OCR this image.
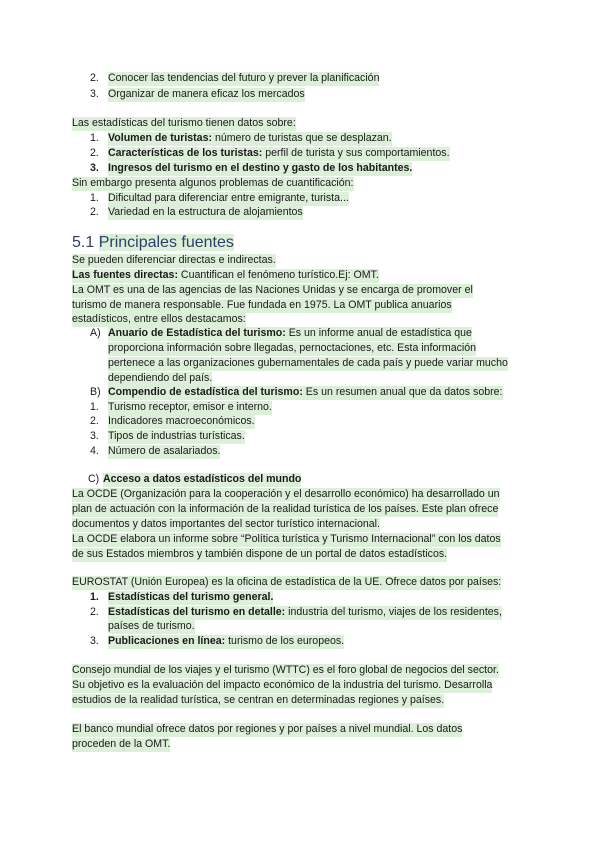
2. Conocer las tendencias del futuro y prever la planificación
3. Organizar de manera eficaz los mercados
Las estadísticas del turismo tienen datos sobre:
1. Volumen de turistas: número de turistas que se desplazan.
2. Características de los turistas: perfil de turista y sus comportamientos.
3. Ingresos del turismo en el destino y gasto de los habitantes.
Sin embargo presenta algunos problemas de cuantificación:
1. Dificultad para diferenciar entre emigrante, turista...
2. Variedad en la estructura de alojamientos
5.1 Principales fuentes
Se pueden diferenciar directas e indirectas.
Las fuentes directas: Cuantifican el fenómeno turístico.Ej: OMT.
La OMT es una de las agencias de las Naciones Unidas y se encarga de promover el
turismo de manera responsable. Fue fundada en 1975. La OMT publica anuarios
estadísticos, entre ellos destacamos:
A) Anuario de Estadística del turismo: Es un informe anual de estadística que
proporciona información sobre llegadas, pernoctaciones, etc. Esta información
pertenece a las organizaciones gubernamentales de cada país y puede variar mucho
dependiendo del país.
B) Compendio de estadística del turismo: Es un resumen anual que da datos sobre:
1. Turismo receptor, emisor e interno.
2. Indicadores macroeconómicos.
3. Tipos de industrias turísticas.
4. Número de asalariados.
C) Acceso a datos estadísticos del mundo
La OCDE (Organización para la cooperación y el desarrollo económico) ha desarrollado un
plan de actuación con la información de la realidad turística de los países. Este plan ofrece
documentos y datos importantes del sector turístico internacional.
La OCDE elabora un informe sobre “Política turística y Turismo Internacional” con los datos
de sus Estados miembros y también dispone de un portal de datos estadísticos.
EUROSTAT (Unión Europea) es la oficina de estadística de la UE. Ofrece datos por países:
1. Estadísticas del turismo general.
2. Estadísticas del turismo en detalle: industria del turismo, viajes de los residentes,
países de turismo.
3. Publicaciones en línea: turismo de los europeos.
Consejo mundial de los viajes y el turismo (WTTC) es el foro global de negocios del sector.
Su objetivo es la evaluación del impacto económico de la industria del turismo. Desarrolla
estudios de la realidad turística, se centran en determinadas regiones y países.
El banco mundial ofrece datos por regiones y por países a nivel mundial. Los datos
proceden de la OMT.
